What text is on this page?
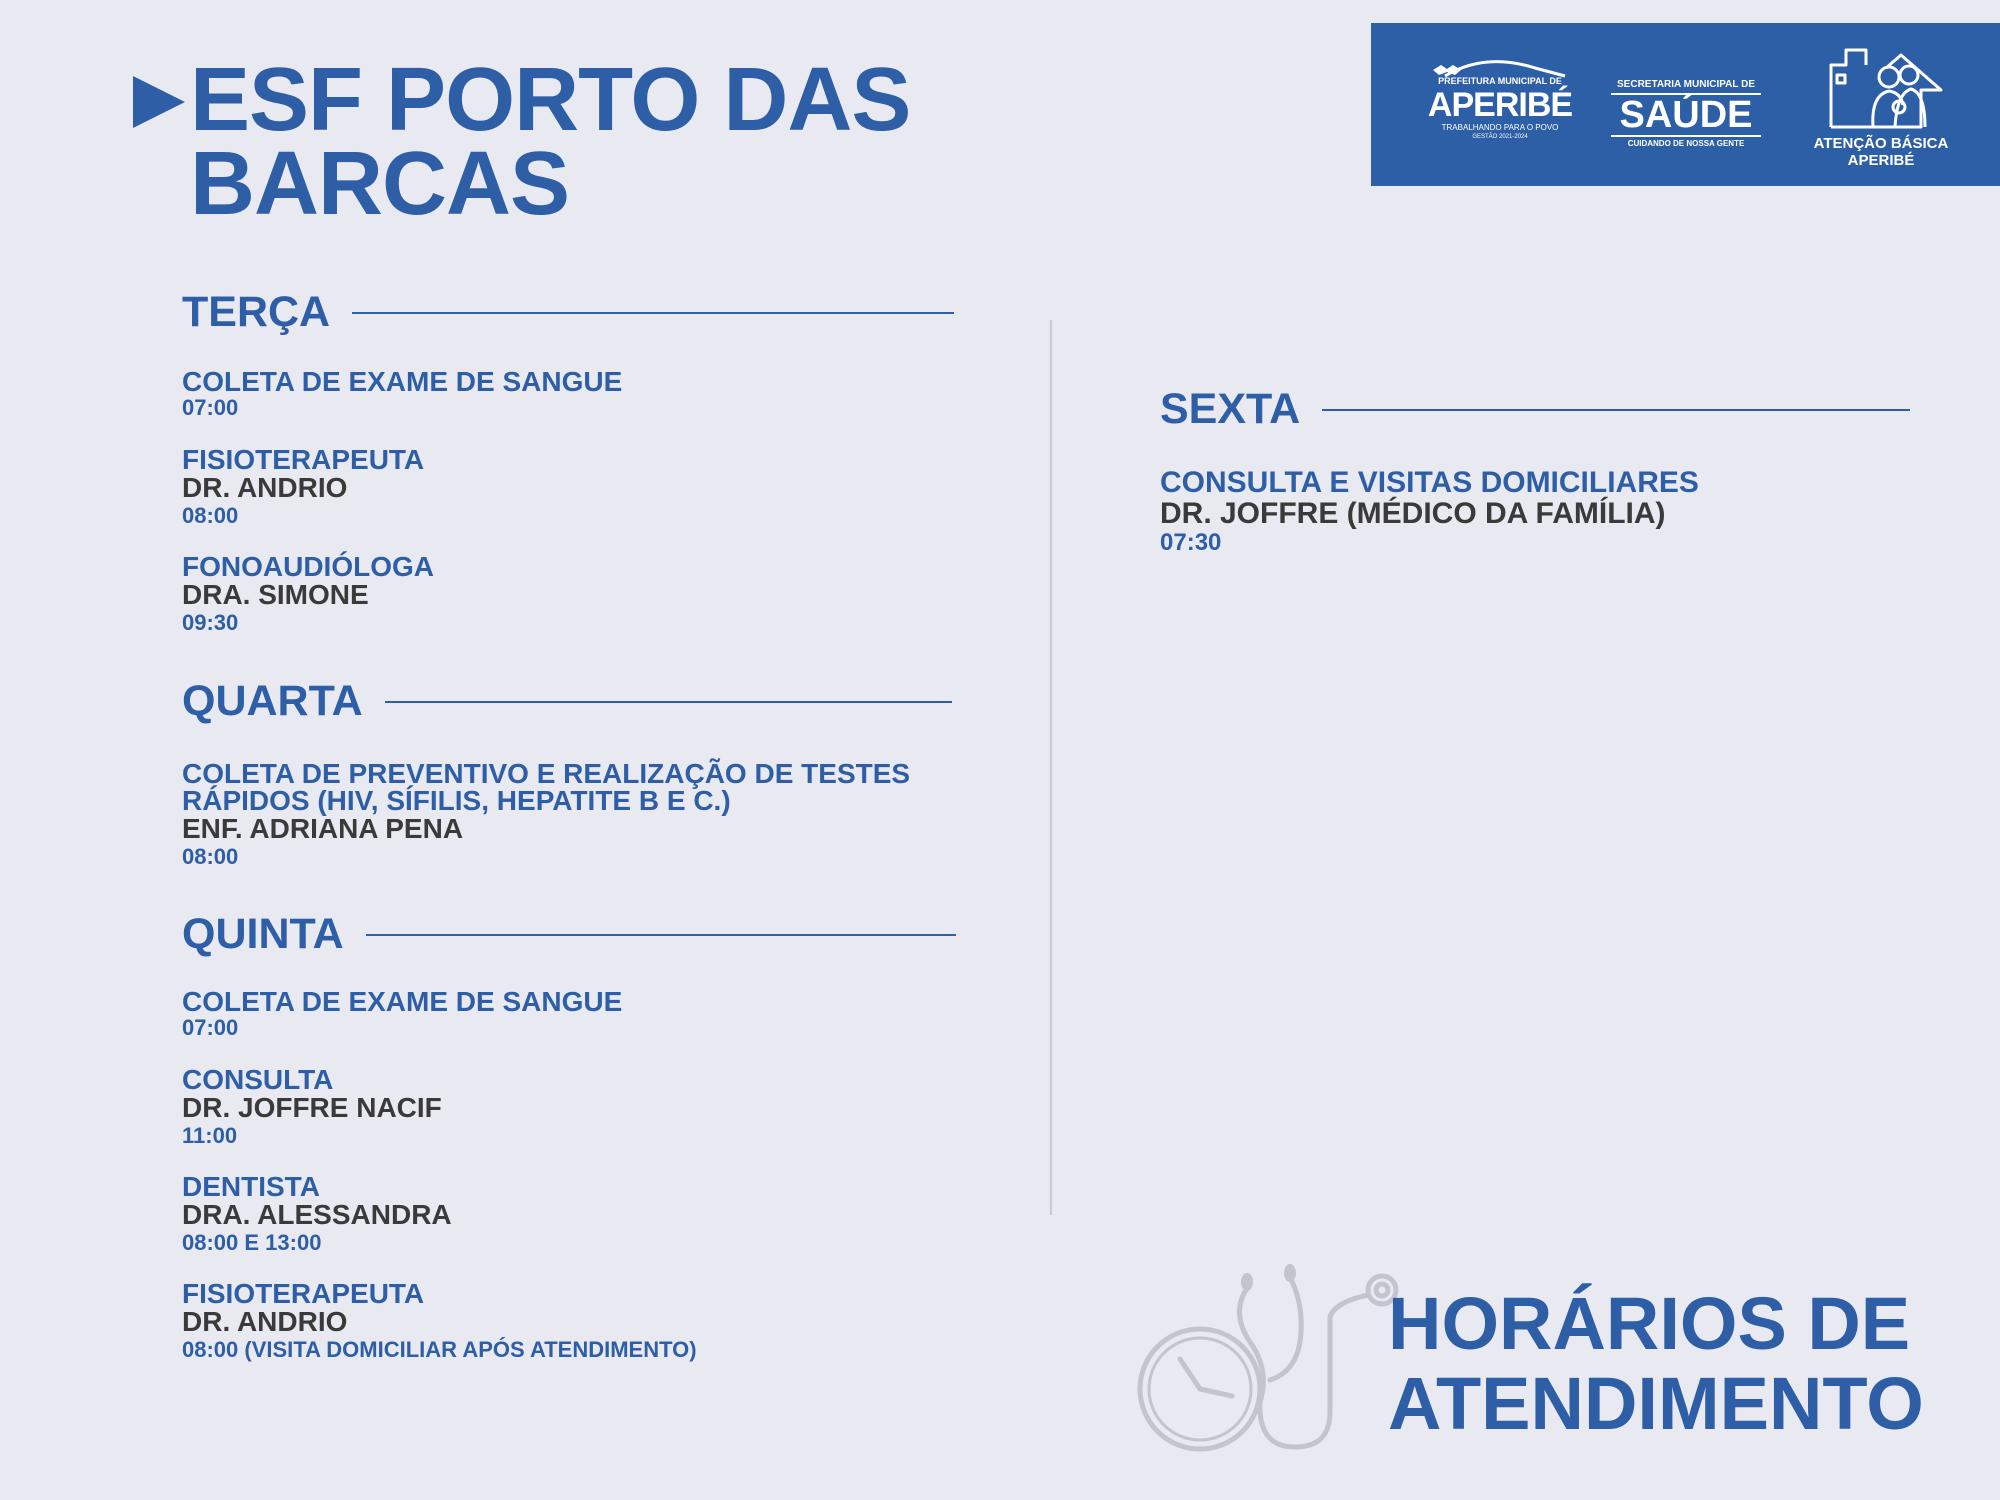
ESF PORTO DAS BARCAS
PREFEITURA MUNICIPAL DE
APERIBÉ
TRABALHANDO PARA O POVO
GESTÃO 2021-2024
SECRETARIA MUNICIPAL DE
SAÚDE
CUIDANDO DE NOSSA GENTE	ATENÇÃO BÁSICA
APERIBÉ
TERÇA
COLETA DE EXAME DE SANGUE
07:00
FISIOTERAPEUTA
DR. ANDRIO
08:00
FONOAUDIÓLOGA
DRA. SIMONE
09:30
QUARTA
COLETA DE PREVENTIVO E REALIZAÇÃO DE TESTES RÁPIDOS (HIV, SÍFILIS, HEPATITE B E C.)
ENF. ADRIANA PENA
08:00
QUINTA
COLETA DE EXAME DE SANGUE
07:00
CONSULTA
DR. JOFFRE NACIF
11:00
DENTISTA
DRA. ALESSANDRA
08:00 E 13:00
FISIOTERAPEUTA
DR. ANDRIO
08:00 (VISITA DOMICILIAR APÓS ATENDIMENTO)
SEXTA
CONSULTA E VISITAS DOMICILIARES
DR. JOFFRE (MÉDICO DA FAMÍLIA)
07:30
HORÁRIOS DE
ATENDIMENTO
